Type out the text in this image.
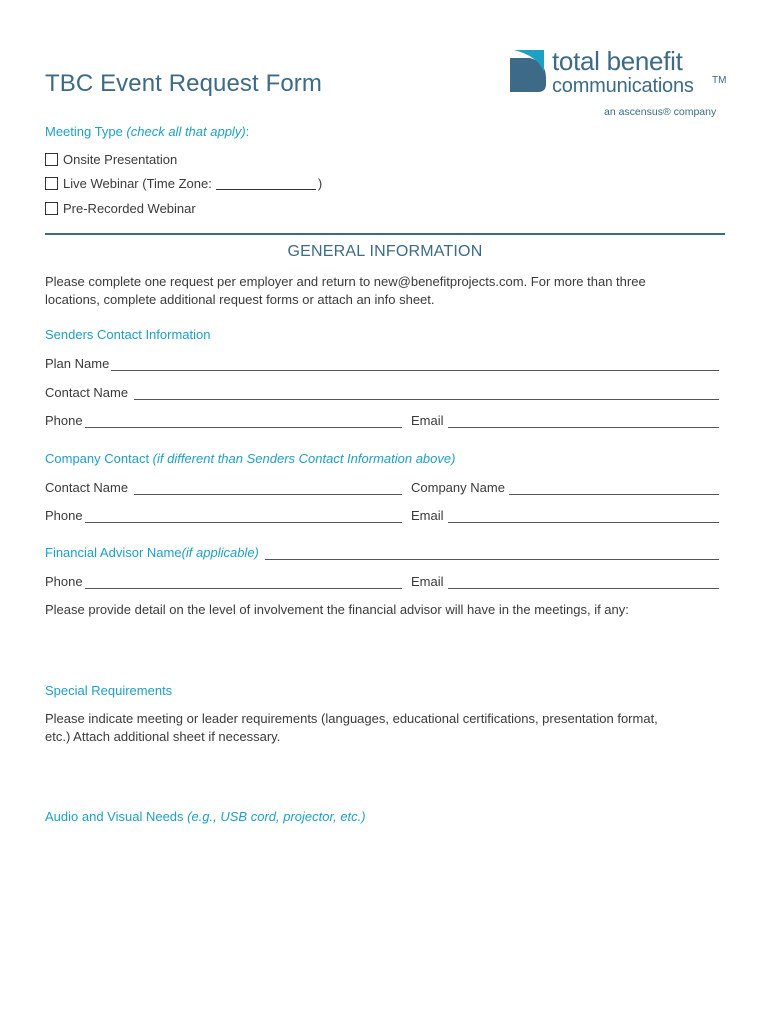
TBC Event Request Form
total benefit
communications TM
an ascensus® company
Meeting Type (check all that apply):
Onsite Presentation
Live Webinar (Time Zone:	)
Pre-Recorded Webinar
GENERAL INFORMATION
Please complete one request per employer and return to new@benefitprojects.com. For more than three
locations, complete additional request forms or attach an info sheet.
Senders Contact Information
Plan Name
Contact Name
Phone	Email
Company Contact (if different than Senders Contact Information above)
Contact Name	Company Name
Phone	Email
Financial Advisor Name (if applicable)
Phone	Email
Please provide detail on the level of involvement the financial advisor will have in the meetings, if any:
Special Requirements
Please indicate meeting or leader requirements (languages, educational certifications, presentation format,
etc.) Attach additional sheet if necessary.
Audio and Visual Needs (e.g., USB cord, projector, etc.)
